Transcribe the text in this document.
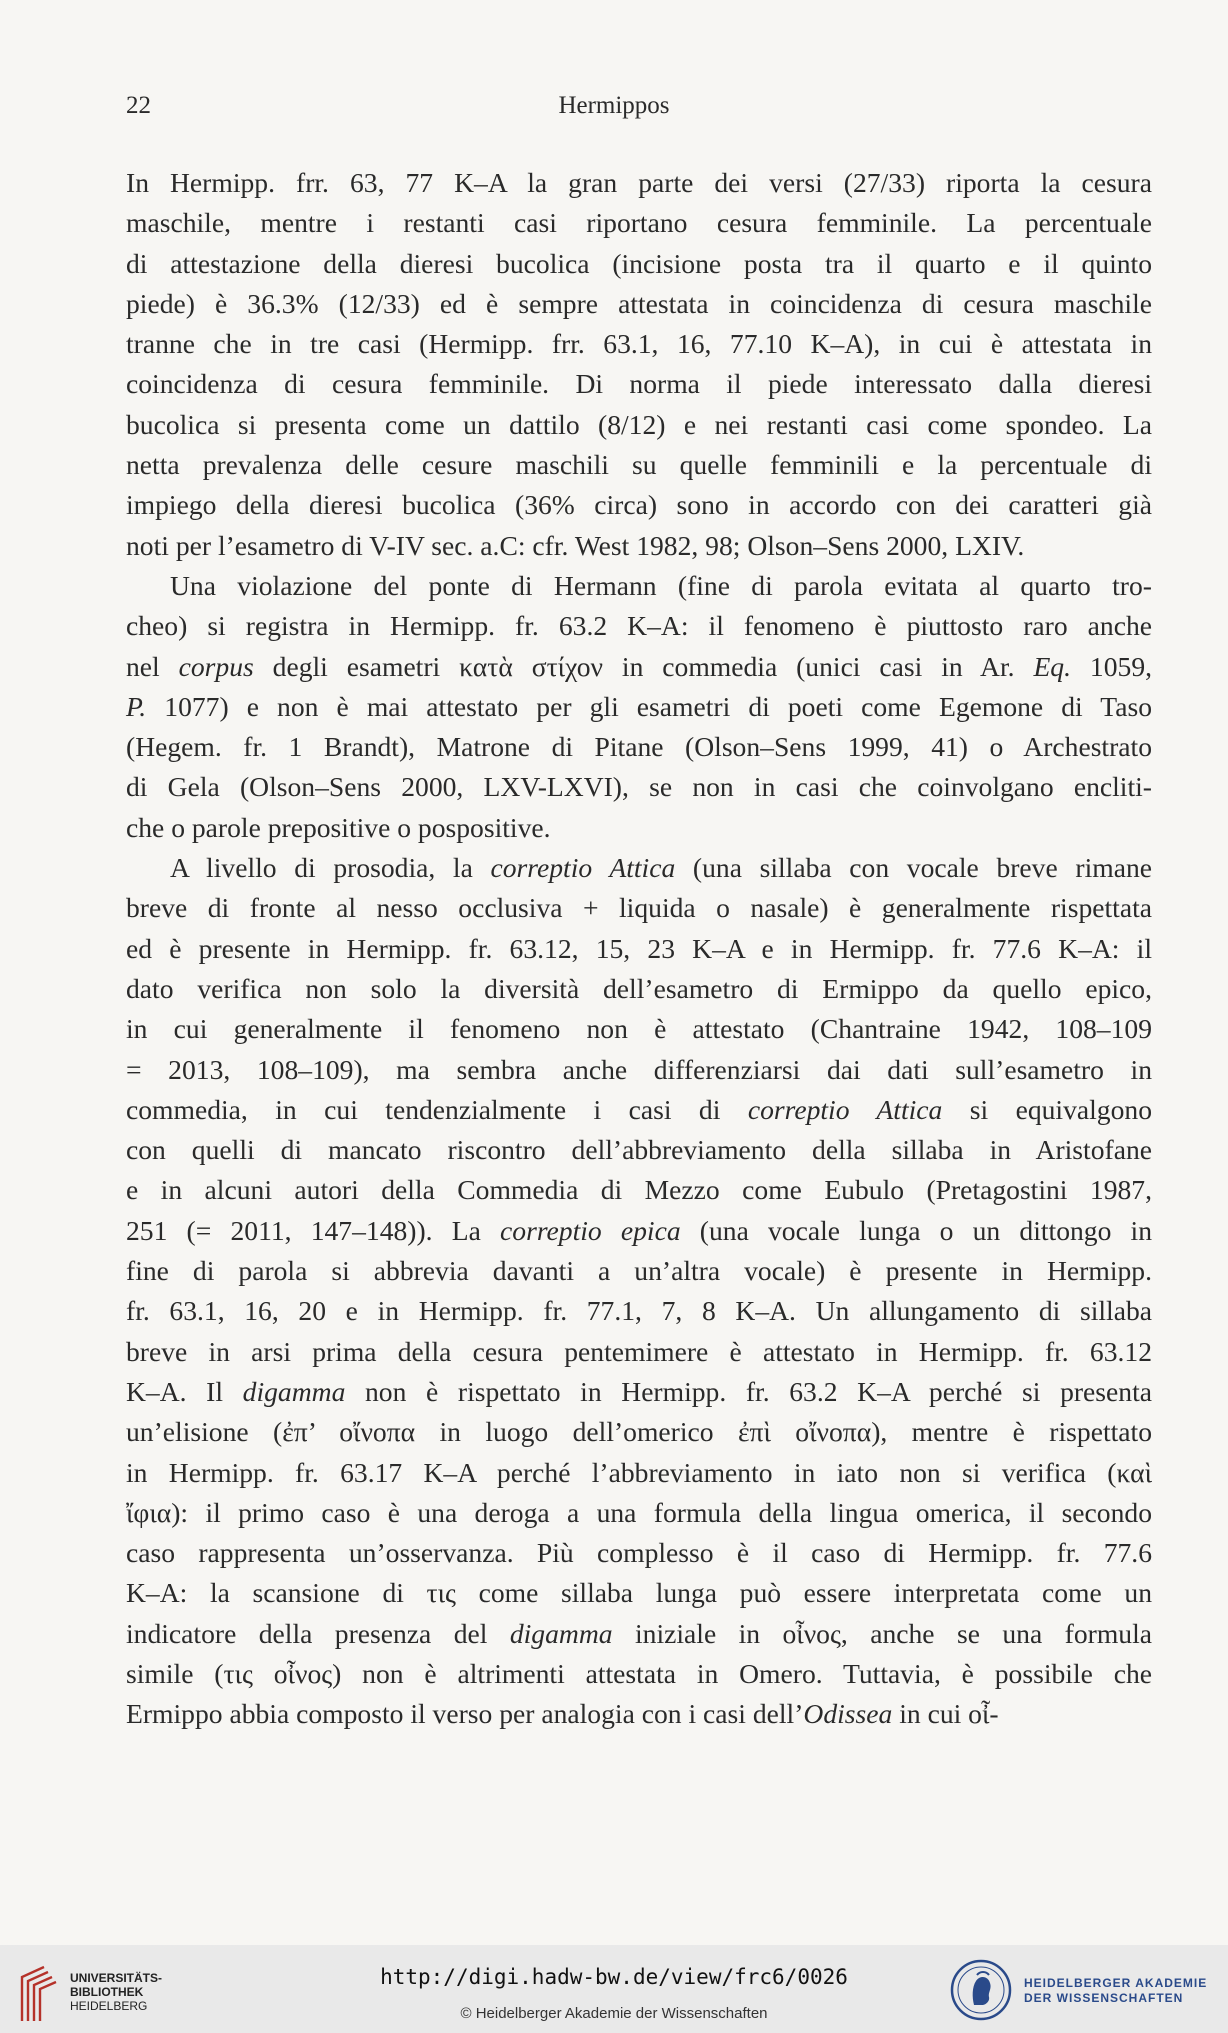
22	Hermippos
In Hermipp. frr. 63, 77 K–A la gran parte dei versi (27/33) riporta la cesura
maschile, mentre i restanti casi riportano cesura femminile. La percentuale
di attestazione della dieresi bucolica (incisione posta tra il quarto e il quinto
piede) è 36.3% (12/33) ed è sempre attestata in coincidenza di cesura maschile
tranne che in tre casi (Hermipp. frr. 63.1, 16, 77.10 K–A), in cui è attestata in
coincidenza di cesura femminile. Di norma il piede interessato dalla dieresi
bucolica si presenta come un dattilo (8/12) e nei restanti casi come spondeo. La
netta prevalenza delle cesure maschili su quelle femminili e la percentuale di
impiego della dieresi bucolica (36% circa) sono in accordo con dei caratteri già
noti per l’esametro di V-IV sec. a.C: cfr. West 1982, 98; Olson–Sens 2000, LXIV.
Una violazione del ponte di Hermann (fine di parola evitata al quarto tro-
cheo) si registra in Hermipp. fr. 63.2 K–A: il fenomeno è piuttosto raro anche
nel corpus degli esametri κατὰ στίχον in commedia (unici casi in Ar. Eq. 1059,
P. 1077) e non è mai attestato per gli esametri di poeti come Egemone di Taso
(Hegem. fr. 1 Brandt), Matrone di Pitane (Olson–Sens 1999, 41) o Archestrato
di Gela (Olson–Sens 2000, LXV-LXVI), se non in casi che coinvolgano encliti-
che o parole prepositive o pospositive.
A livello di prosodia, la correptio Attica (una sillaba con vocale breve rimane
breve di fronte al nesso occlusiva + liquida o nasale) è generalmente rispettata
ed è presente in Hermipp. fr. 63.12, 15, 23 K–A e in Hermipp. fr. 77.6 K–A: il
dato verifica non solo la diversità dell’esametro di Ermippo da quello epico,
in cui generalmente il fenomeno non è attestato (Chantraine 1942, 108–109
= 2013, 108–109), ma sembra anche differenziarsi dai dati sull’esametro in
commedia, in cui tendenzialmente i casi di correptio Attica si equivalgono
con quelli di mancato riscontro dell’abbreviamento della sillaba in Aristofane
e in alcuni autori della Commedia di Mezzo come Eubulo (Pretagostini 1987,
251 (= 2011, 147–148)). La correptio epica (una vocale lunga o un dittongo in
fine di parola si abbrevia davanti a un’altra vocale) è presente in Hermipp.
fr. 63.1, 16, 20 e in Hermipp. fr. 77.1, 7, 8 K–A. Un allungamento di sillaba
breve in arsi prima della cesura pentemimere è attestato in Hermipp. fr. 63.12
K–A. Il digamma non è rispettato in Hermipp. fr. 63.2 K–A perché si presenta
un’elisione (ἐπ’ οἴνοπα in luogo dell’omerico ἐπὶ οἴνοπα), mentre è rispettato
in Hermipp. fr. 63.17 K–A perché l’abbreviamento in iato non si verifica (καὶ
ἴφια): il primo caso è una deroga a una formula della lingua omerica, il secondo
caso rappresenta un’osservanza. Più complesso è il caso di Hermipp. fr. 77.6
K–A: la scansione di τις come sillaba lunga può essere interpretata come un
indicatore della presenza del digamma iniziale in οἶνος, anche se una formula
simile (τις οἶνος) non è altrimenti attestata in Omero. Tuttavia, è possibile che
Ermippo abbia composto il verso per analogia con i casi dell’Odissea in cui οἶ-
UNIVERSITÄTS-
BIBLIOTHEK
HEIDELBERG
http://digi.hadw-bw.de/view/frc6/0026
© Heidelberger Akademie der Wissenschaften
HEIDELBERGER AKADEMIE
DER WISSENSCHAFTEN
